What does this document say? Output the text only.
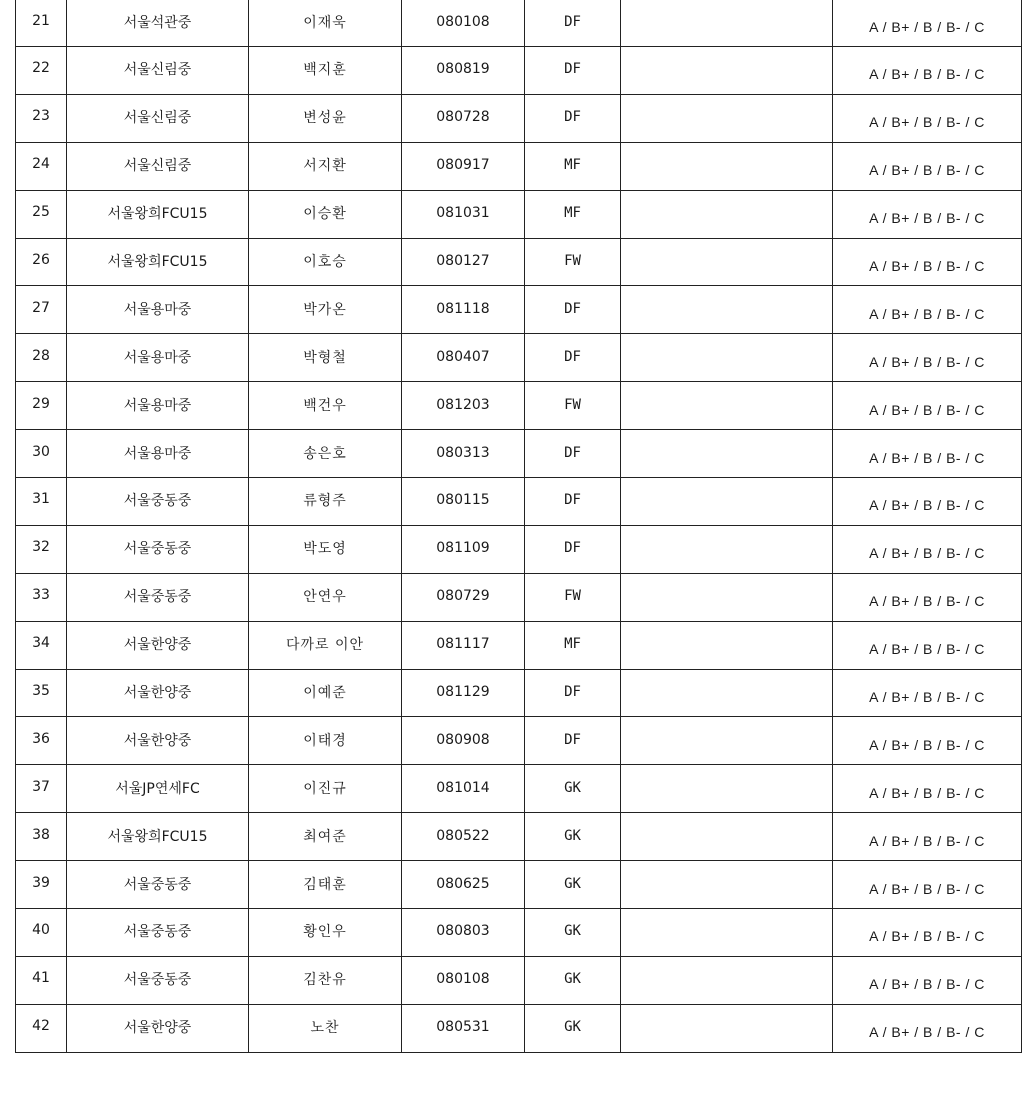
21	서울석관중	이재욱	080108	DF		A / B+ / B / B- / C
22	서울신림중	백지훈	080819	DF		A / B+ / B / B- / C
23	서울신림중	변성윤	080728	DF		A / B+ / B / B- / C
24	서울신림중	서지환	080917	MF		A / B+ / B / B- / C
25	서울왕희FCU15	이승환	081031	MF		A / B+ / B / B- / C
26	서울왕희FCU15	이호승	080127	FW		A / B+ / B / B- / C
27	서울용마중	박가온	081118	DF		A / B+ / B / B- / C
28	서울용마중	박형철	080407	DF		A / B+ / B / B- / C
29	서울용마중	백건우	081203	FW		A / B+ / B / B- / C
30	서울용마중	송은호	080313	DF		A / B+ / B / B- / C
31	서울중동중	류형주	080115	DF		A / B+ / B / B- / C
32	서울중동중	박도영	081109	DF		A / B+ / B / B- / C
33	서울중동중	안연우	080729	FW		A / B+ / B / B- / C
34	서울한양중	다까로 이안	081117	MF		A / B+ / B / B- / C
35	서울한양중	이예준	081129	DF		A / B+ / B / B- / C
36	서울한양중	이태경	080908	DF		A / B+ / B / B- / C
37	서울JP연세FC	이진규	081014	GK		A / B+ / B / B- / C
38	서울왕희FCU15	최여준	080522	GK		A / B+ / B / B- / C
39	서울중동중	김태훈	080625	GK		A / B+ / B / B- / C
40	서울중동중	황인우	080803	GK		A / B+ / B / B- / C
41	서울중동중	김찬유	080108	GK		A / B+ / B / B- / C
42	서울한양중	노찬	080531	GK		A / B+ / B / B- / C
